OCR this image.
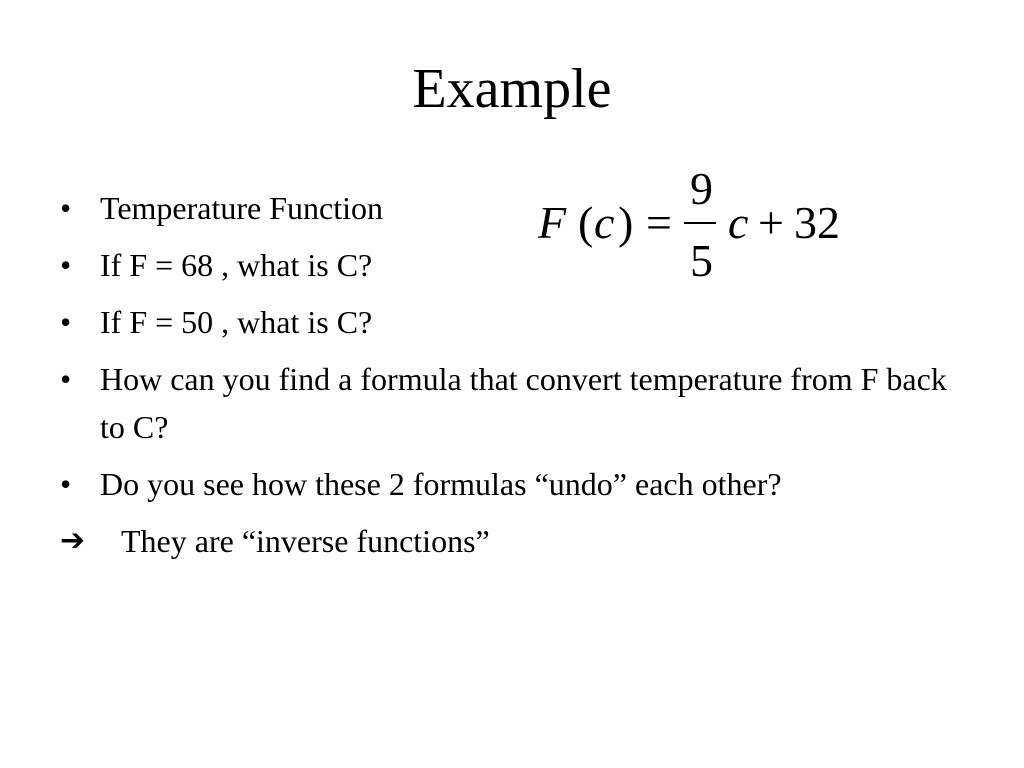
Example
F ( c ) =
9
5
c + 32
• Temperature Function
• If F = 68 , what is C?
• If F = 50 , what is C?
• How can you find a formula that convert temperature from F back to C?
• Do you see how these 2 formulas “undo” each other?
➔ They are “inverse functions”
